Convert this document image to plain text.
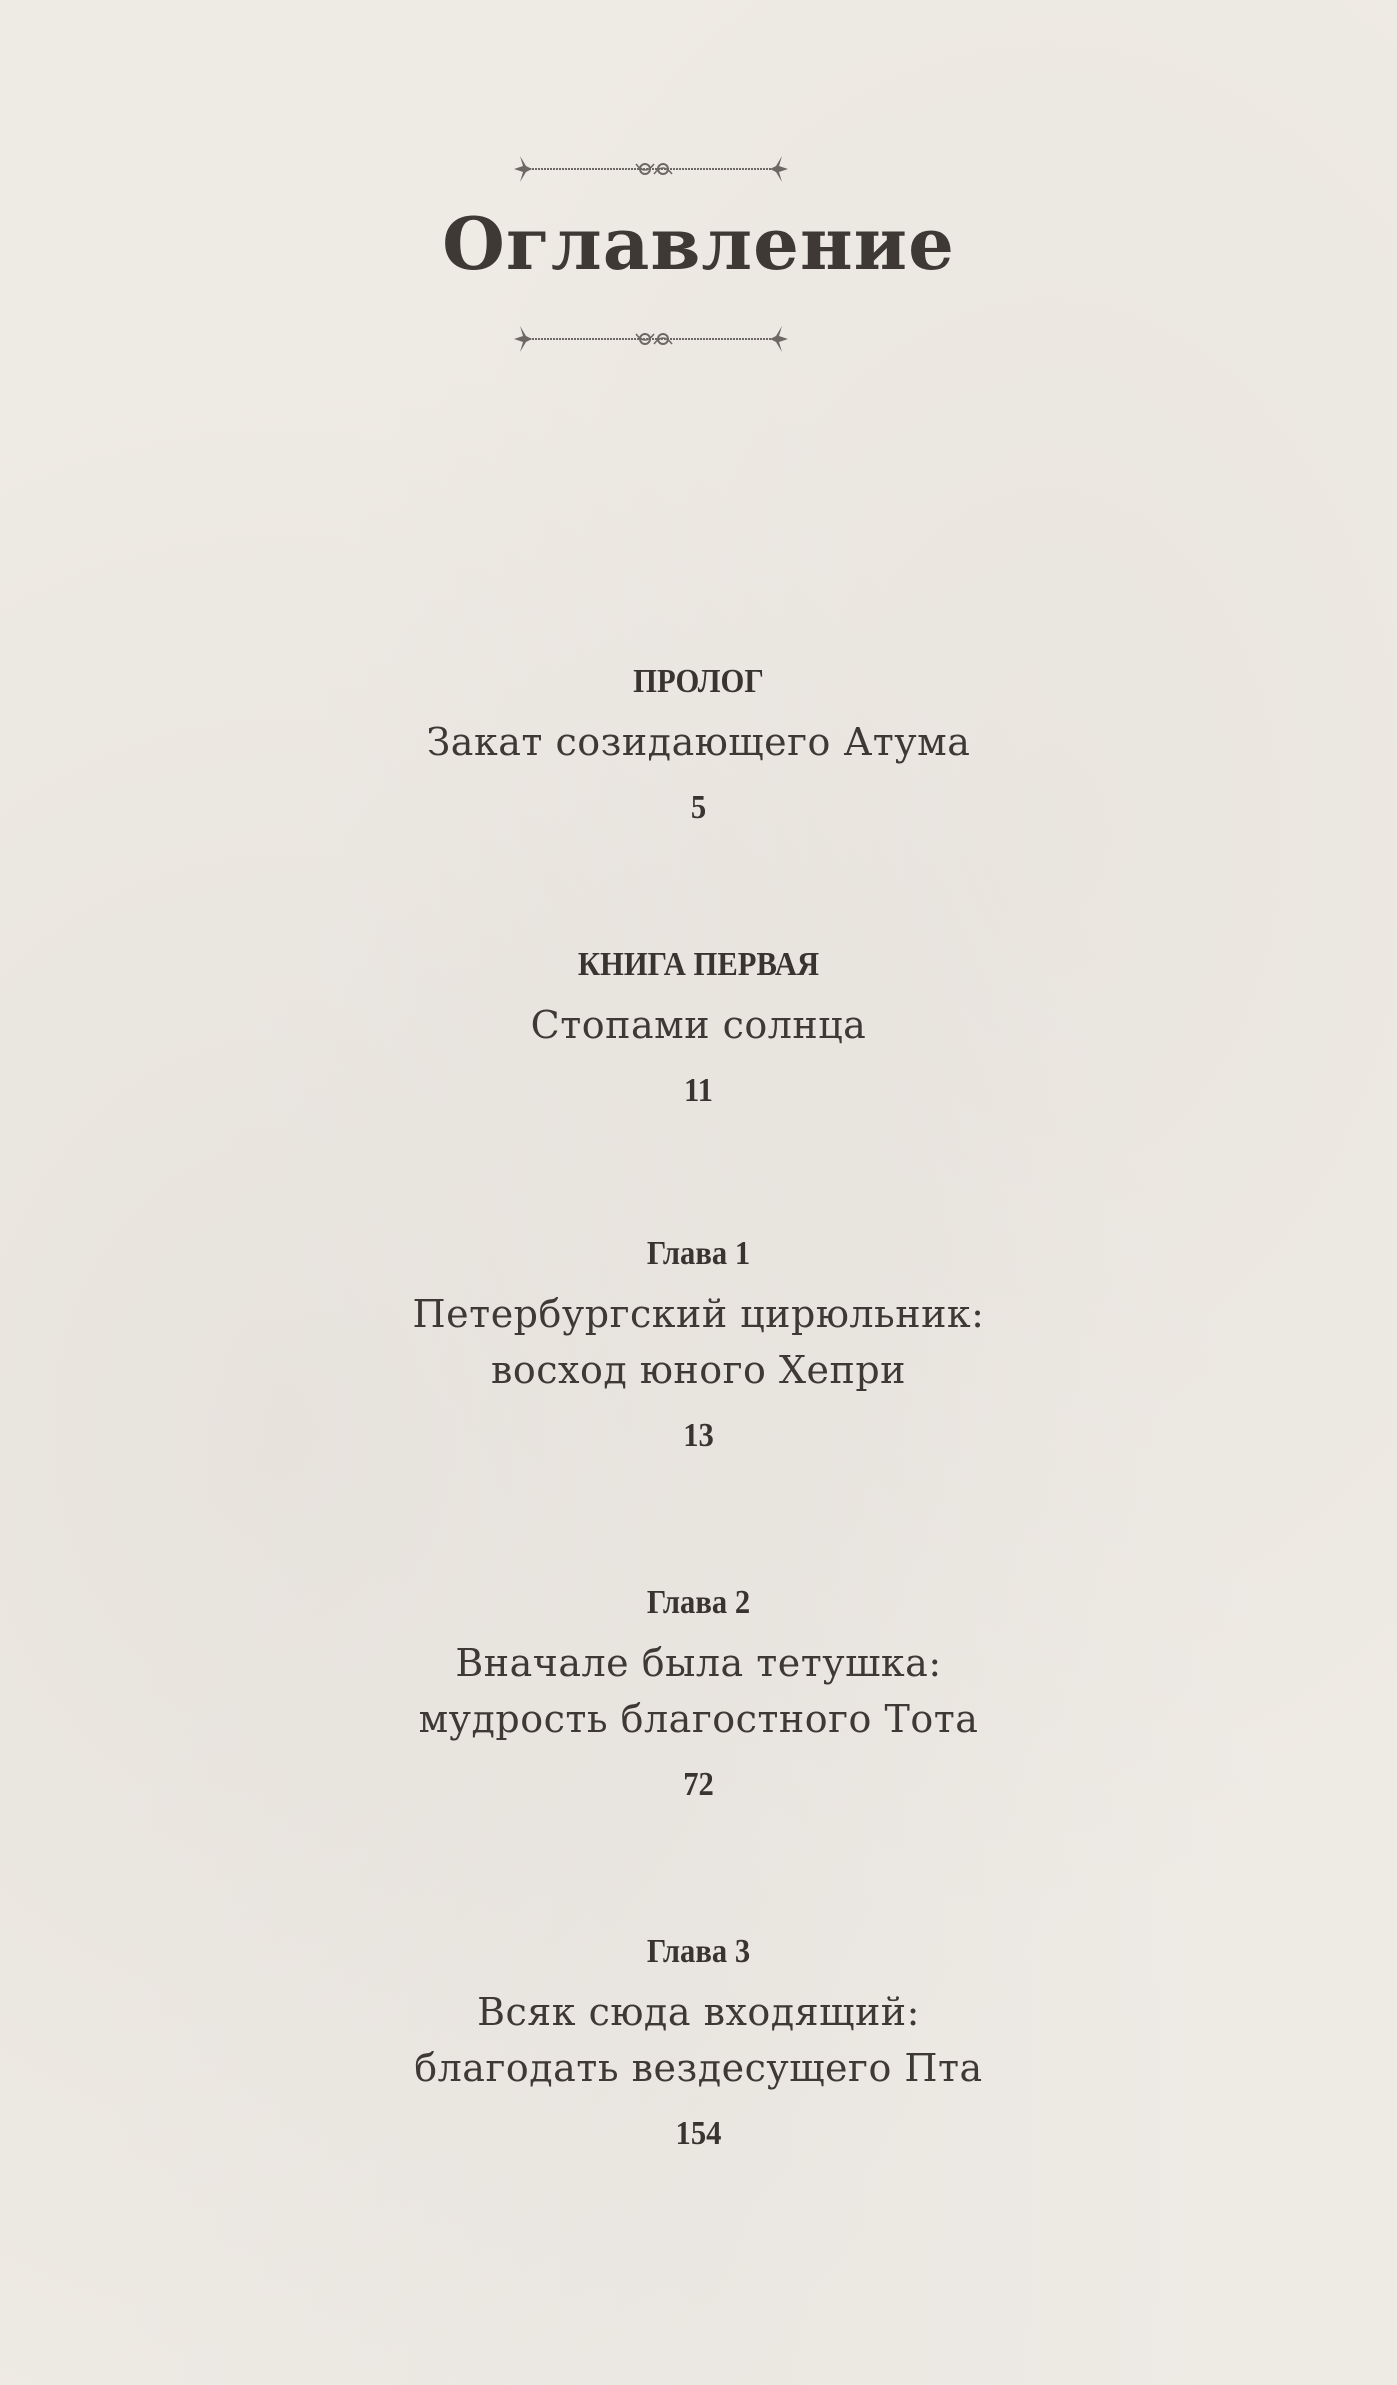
Оглавление
ПРОЛОГ
Закат созидающего Атума
5
КНИГА ПЕРВАЯ
Стопами солнца
11
Глава 1
Петербургский цирюльник:
восход юного Хепри
13
Глава 2
Вначале была тетушка:
мудрость благостного Тота
72
Глава 3
Всяк сюда входящий:
благодать вездесущего Пта
154
